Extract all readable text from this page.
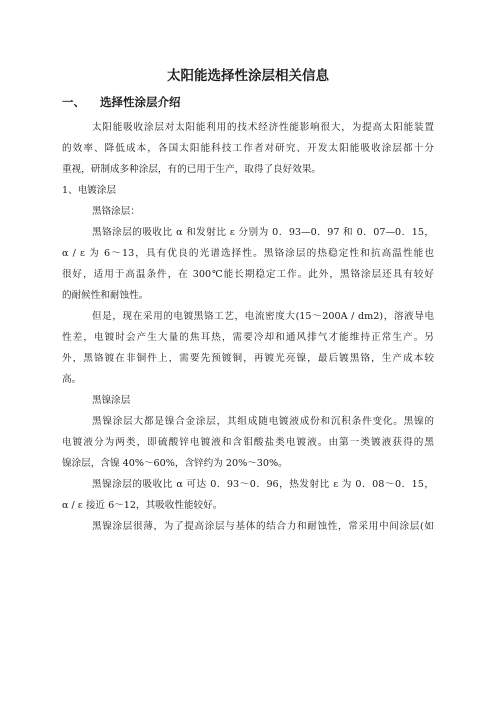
太阳能选择性涂层相关信息
一、 选择性涂层介绍
太阳能吸收涂层对太阳能利用的技术经济性能影响很大，为提高太阳能装置
的效率、降低成本，各国太阳能科技工作者对研究、开发太阳能吸收涂层都十分
重视，研制成多种涂层，有的已用于生产，取得了良好效果。
1、电镀涂层
黑铬涂层：
黑铬涂层的吸收比 α 和发射比 ε 分别为 0．93—0．97 和 0．07—0．15，
α / ε 为 6～13，具有优良的光谱选择性。黑铬涂层的热稳定性和抗高温性能也
很好，适用于高温条件，在 300℃能长期稳定工作。此外，黑铬涂层还具有较好
的耐候性和耐蚀性。
但是，现在采用的电镀黑铬工艺，电流密度大(15～200A / dm2)，溶液导电
性差，电镀时会产生大量的焦耳热，需要冷却和通风排气才能维持正常生产。另
外，黑铬镀在非铜件上，需要先预镀铜，再镀光亮镍，最后镀黑铬，生产成本较
高。
黑镍涂层
黑镍涂层大都是镍合金涂层，其组成随电镀液成份和沉积条件变化。黑镍的
电镀液分为两类，即硫酸锌电镀液和含钼酸盐类电镀液。由第一类镀液获得的黑
镍涂层，含镍 40%～60%，含锌约为 20%～30%。
黑镍涂层的吸收比 α 可达 0．93～0．96，热发射比 ε 为 0．08～0．15，
α / ε 接近 6～12，其吸收性能较好。
黑镍涂层很薄，为了提高涂层与基体的结合力和耐蚀性，常采用中间涂层(如
